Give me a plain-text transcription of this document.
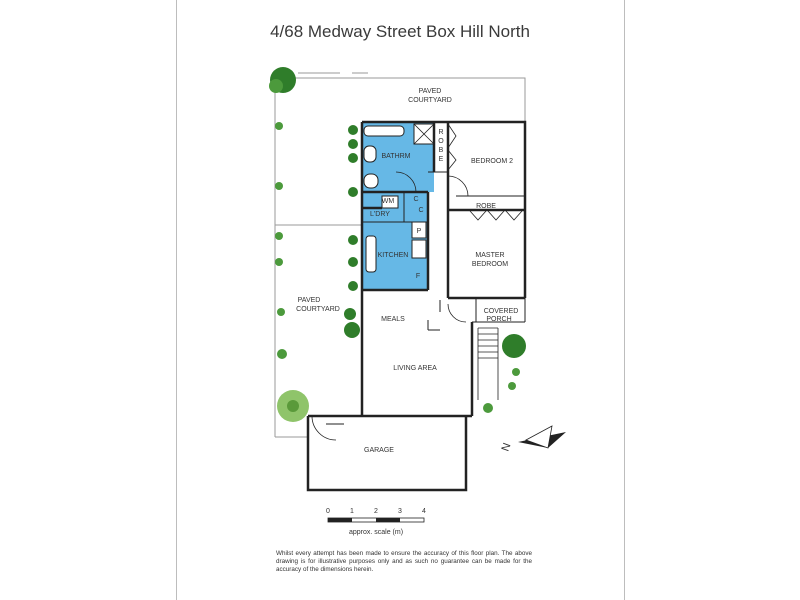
4/68 Medway Street Box Hill North
N
PAVED
COURTYARD
PAVED
COURTYARD
BATHRM
R
O
B
E	BEDROOM 2
WM
L'DRY
C
C
ROBE
KITCHEN
P
F
MASTER
BEDROOM
MEALS
COVERED
PORCH
LIVING AREA
GARAGE
0	1	2	3	4
approx. scale (m)
Whilst every attempt has been made to ensure the accuracy of this floor plan. The above drawing is for illustrative purposes only and as such no guarantee can be made for the accuracy of the dimensions herein.
